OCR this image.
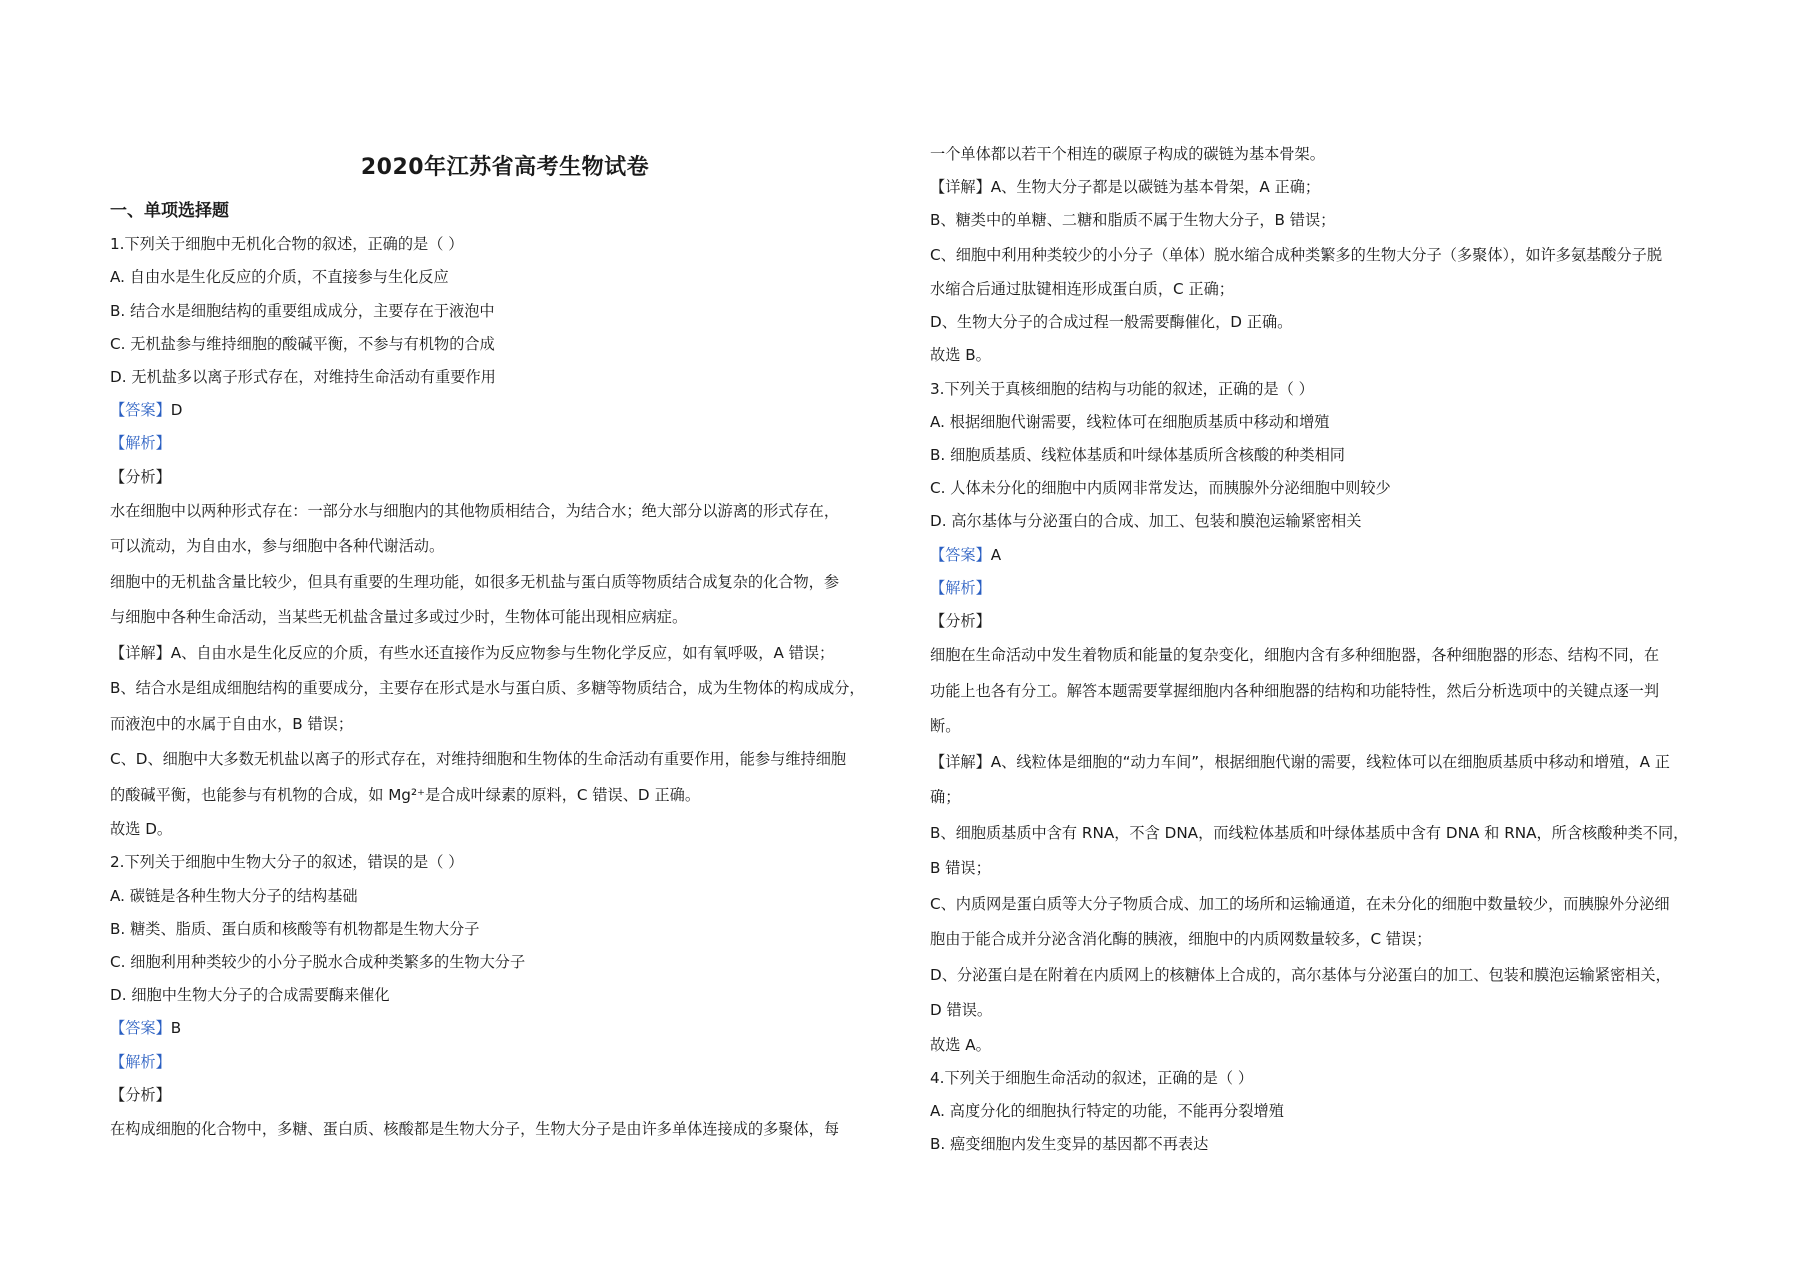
2020年江苏省高考生物试卷
一、单项选择题
1.下列关于细胞中无机化合物的叙述，正确的是（ ）
A. 自由水是生化反应的介质，不直接参与生化反应
B. 结合水是细胞结构的重要组成成分，主要存在于液泡中
C. 无机盐参与维持细胞的酸碱平衡，不参与有机物的合成
D. 无机盐多以离子形式存在，对维持生命活动有重要作用
【答案】D
【解析】
【分析】
水在细胞中以两种形式存在：一部分水与细胞内的其他物质相结合，为结合水；绝大部分以游离的形式存在，
可以流动，为自由水，参与细胞中各种代谢活动。
细胞中的无机盐含量比较少，但具有重要的生理功能，如很多无机盐与蛋白质等物质结合成复杂的化合物，参
与细胞中各种生命活动，当某些无机盐含量过多或过少时，生物体可能出现相应病症。
【详解】A、自由水是生化反应的介质，有些水还直接作为反应物参与生物化学反应，如有氧呼吸，A 错误；
B、结合水是组成细胞结构的重要成分，主要存在形式是水与蛋白质、多糖等物质结合，成为生物体的构成成分，
而液泡中的水属于自由水，B 错误；
C、D、细胞中大多数无机盐以离子的形式存在，对维持细胞和生物体的生命活动有重要作用，能参与维持细胞
的酸碱平衡，也能参与有机物的合成，如 Mg²⁺是合成叶绿素的原料，C 错误、D 正确。
故选 D。
2.下列关于细胞中生物大分子的叙述，错误的是（ ）
A. 碳链是各种生物大分子的结构基础
B. 糖类、脂质、蛋白质和核酸等有机物都是生物大分子
C. 细胞利用种类较少的小分子脱水合成种类繁多的生物大分子
D. 细胞中生物大分子的合成需要酶来催化
【答案】B
【解析】
【分析】
在构成细胞的化合物中，多糖、蛋白质、核酸都是生物大分子，生物大分子是由许多单体连接成的多聚体，每
一个单体都以若干个相连的碳原子构成的碳链为基本骨架。
【详解】A、生物大分子都是以碳链为基本骨架，A 正确；
B、糖类中的单糖、二糖和脂质不属于生物大分子，B 错误；
C、细胞中利用种类较少的小分子（单体）脱水缩合成种类繁多的生物大分子（多聚体），如许多氨基酸分子脱
水缩合后通过肽键相连形成蛋白质，C 正确；
D、生物大分子的合成过程一般需要酶催化，D 正确。
故选 B。
3.下列关于真核细胞的结构与功能的叙述，正确的是（ ）
A. 根据细胞代谢需要，线粒体可在细胞质基质中移动和增殖
B. 细胞质基质、线粒体基质和叶绿体基质所含核酸的种类相同
C. 人体未分化的细胞中内质网非常发达，而胰腺外分泌细胞中则较少
D. 高尔基体与分泌蛋白的合成、加工、包装和膜泡运输紧密相关
【答案】A
【解析】
【分析】
细胞在生命活动中发生着物质和能量的复杂变化，细胞内含有多种细胞器，各种细胞器的形态、结构不同，在
功能上也各有分工。解答本题需要掌握细胞内各种细胞器的结构和功能特性，然后分析选项中的关键点逐一判
断。
【详解】A、线粒体是细胞的“动力车间”，根据细胞代谢的需要，线粒体可以在细胞质基质中移动和增殖，A 正
确；
B、细胞质基质中含有 RNA，不含 DNA，而线粒体基质和叶绿体基质中含有 DNA 和 RNA，所含核酸种类不同，
B 错误；
C、内质网是蛋白质等大分子物质合成、加工的场所和运输通道，在未分化的细胞中数量较少，而胰腺外分泌细
胞由于能合成并分泌含消化酶的胰液，细胞中的内质网数量较多，C 错误；
D、分泌蛋白是在附着在内质网上的核糖体上合成的，高尔基体与分泌蛋白的加工、包装和膜泡运输紧密相关，
D 错误。
故选 A。
4.下列关于细胞生命活动的叙述，正确的是（ ）
A. 高度分化的细胞执行特定的功能，不能再分裂增殖
B. 癌变细胞内发生变异的基因都不再表达
